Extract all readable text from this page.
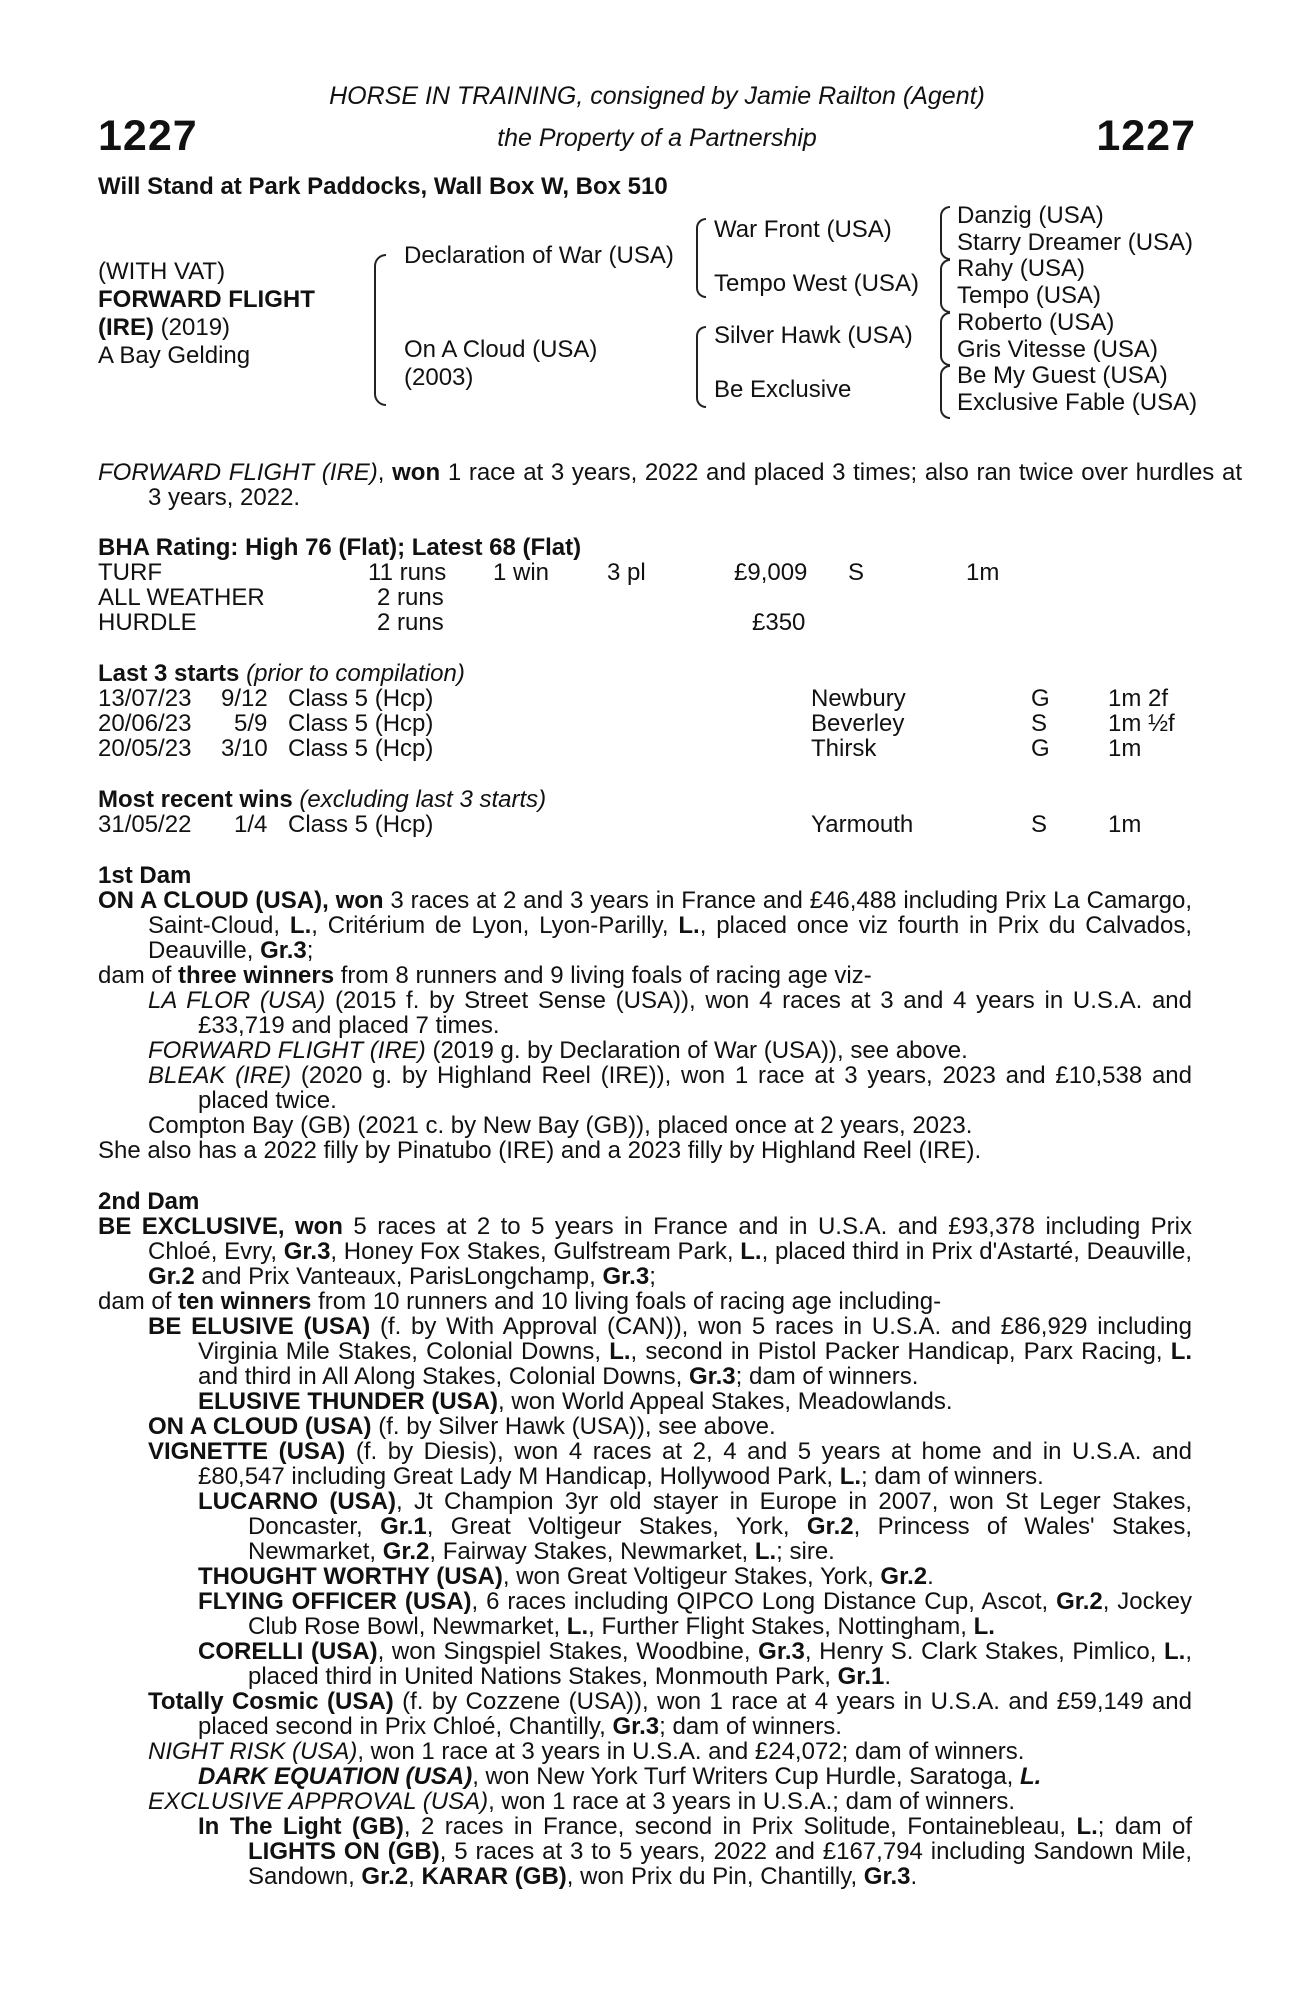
1227	1227
HORSE IN TRAINING, consigned by Jamie Railton (Agent)
the Property of a Partnership
Will Stand at Park Paddocks, Wall Box W, Box 510
(WITH VAT)
FORWARD FLIGHT
(IRE) (2019)
A Bay Gelding
Declaration of War (USA)
On A Cloud (USA)
(2003)
War Front (USA)
Tempo West (USA)
Silver Hawk (USA)
Be Exclusive
Danzig (USA)
Starry Dreamer (USA)
Rahy (USA)
Tempo (USA)
Roberto (USA)
Gris Vitesse (USA)
Be My Guest (USA)
Exclusive Fable (USA)
FORWARD FLIGHT (IRE), won 1 race at 3 years, 2022 and placed 3 times; also ran twice over hurdles at 3 years, 2022.
BHA Rating: High 76 (Flat); Latest 68 (Flat)
TURF	11 runs 1 win 3 pl	£9,009 S	1m
ALL WEATHER	2 runs
HURDLE	2 runs	£350
Last 3 starts (prior to compilation)
13/07/23 9/12 Class 5 (Hcp)	Newbury	G 1m 2f
20/06/23 5/9 Class 5 (Hcp)	Beverley	S	1m ½f
20/05/23 3/10 Class 5 (Hcp)	Thirsk	G 1m
Most recent wins (excluding last 3 starts)
31/05/22 1/4 Class 5 (Hcp)	Yarmouth	S	1m
1st Dam

ON A CLOUD (USA), won 3 races at 2 and 3 years in France and £46,488 including Prix La Camargo, Saint-Cloud, L., Critérium de Lyon, Lyon-Parilly, L., placed once viz fourth in Prix du Calvados, Deauville, Gr.3;

dam of three winners from 8 runners and 9 living foals of racing age viz-

LA FLOR (USA) (2015 f. by Street Sense (USA)), won 4 races at 3 and 4 years in U.S.A. and £33,719 and placed 7 times.

FORWARD FLIGHT (IRE) (2019 g. by Declaration of War (USA)), see above.

BLEAK (IRE) (2020 g. by Highland Reel (IRE)), won 1 race at 3 years, 2023 and £10,538 and placed twice.

Compton Bay (GB) (2021 c. by New Bay (GB)), placed once at 2 years, 2023.

She also has a 2022 filly by Pinatubo (IRE) and a 2023 filly by Highland Reel (IRE).

2nd Dam

BE EXCLUSIVE, won 5 races at 2 to 5 years in France and in U.S.A. and £93,378 including Prix Chloé, Evry, Gr.3, Honey Fox Stakes, Gulfstream Park, L., placed third in Prix d'Astarté, Deauville, Gr.2 and Prix Vanteaux, ParisLongchamp, Gr.3;

dam of ten winners from 10 runners and 10 living foals of racing age including-

BE ELUSIVE (USA) (f. by With Approval (CAN)), won 5 races in U.S.A. and £86,929 including Virginia Mile Stakes, Colonial Downs, L., second in Pistol Packer Handicap, Parx Racing, L. and third in All Along Stakes, Colonial Downs, Gr.3; dam of winners.

ELUSIVE THUNDER (USA), won World Appeal Stakes, Meadowlands.

ON A CLOUD (USA) (f. by Silver Hawk (USA)), see above.

VIGNETTE (USA) (f. by Diesis), won 4 races at 2, 4 and 5 years at home and in U.S.A. and £80,547 including Great Lady M Handicap, Hollywood Park, L.; dam of winners.

LUCARNO (USA), Jt Champion 3yr old stayer in Europe in 2007, won St Leger Stakes, Doncaster, Gr.1, Great Voltigeur Stakes, York, Gr.2, Princess of Wales' Stakes, Newmarket, Gr.2, Fairway Stakes, Newmarket, L.; sire.

THOUGHT WORTHY (USA), won Great Voltigeur Stakes, York, Gr.2.

FLYING OFFICER (USA), 6 races including QIPCO Long Distance Cup, Ascot, Gr.2, Jockey Club Rose Bowl, Newmarket, L., Further Flight Stakes, Nottingham, L.

CORELLI (USA), won Singspiel Stakes, Woodbine, Gr.3, Henry S. Clark Stakes, Pimlico, L., placed third in United Nations Stakes, Monmouth Park, Gr.1.

Totally Cosmic (USA) (f. by Cozzene (USA)), won 1 race at 4 years in U.S.A. and £59,149 and placed second in Prix Chloé, Chantilly, Gr.3; dam of winners.

NIGHT RISK (USA), won 1 race at 3 years in U.S.A. and £24,072; dam of winners.

DARK EQUATION (USA), won New York Turf Writers Cup Hurdle, Saratoga, L.

EXCLUSIVE APPROVAL (USA), won 1 race at 3 years in U.S.A.; dam of winners.

In The Light (GB), 2 races in France, second in Prix Solitude, Fontainebleau, L.; dam of LIGHTS ON (GB), 5 races at 3 to 5 years, 2022 and £167,794 including Sandown Mile, Sandown, Gr.2, KARAR (GB), won Prix du Pin, Chantilly, Gr.3.
